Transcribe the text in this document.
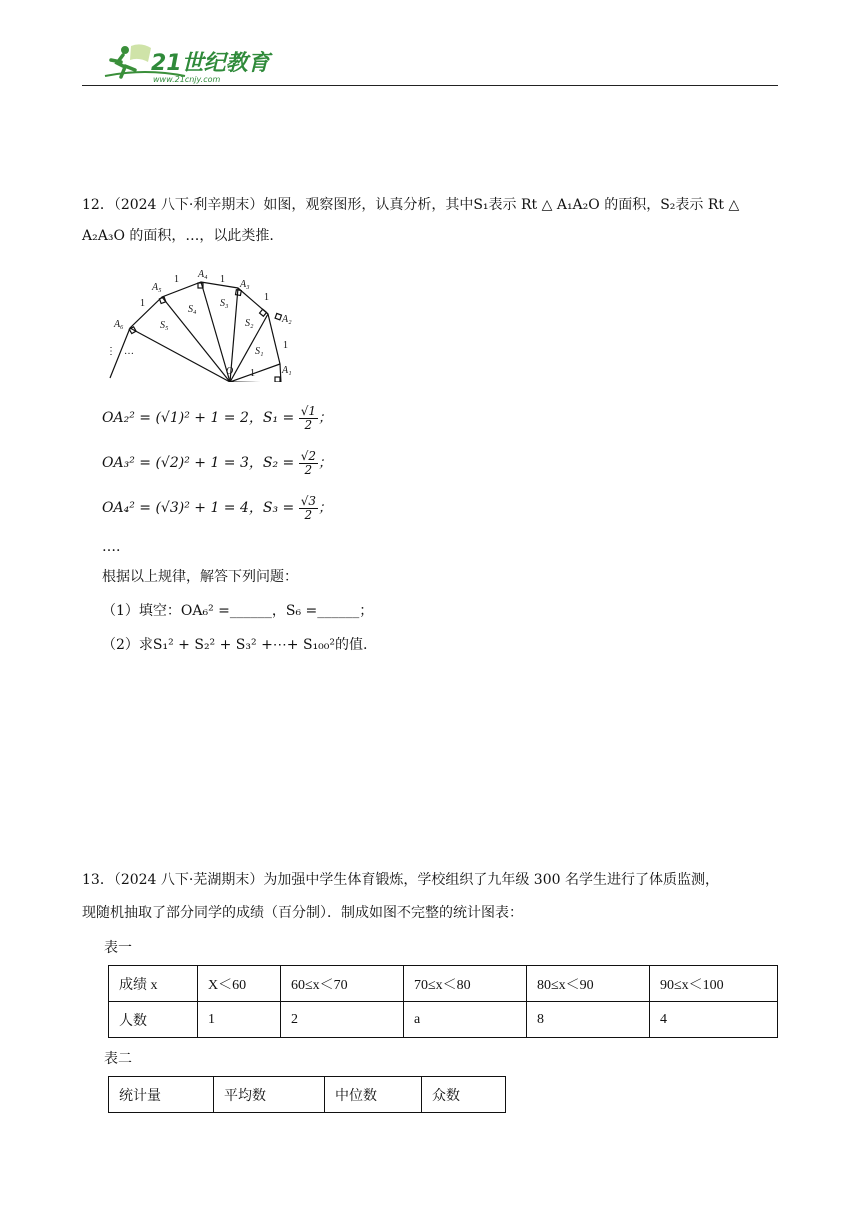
21世纪教育
www.21cnjy.com
12．（2024 八下·利辛期末）如图，观察图形，认真分析，其中S₁表示 Rt △ A₁A₂O 的面积，S₂表示 Rt △
A₂A₃O 的面积，…，以此类推.
A₁
A₂
A₃
A₄
A₅
A₆
O
S₁
S₂
S₃
S₄
S₅
1
1
1
1
1
1
…
⋮
OA₂² = (√1)² + 1 = 2，$S_1 = \frac{√1}{2}$ ；
OA₃² = (√2)² + 1 = 3，$S_2 = \frac{√2}{2}$ ；
OA₄² = (√3)² + 1 = 4，$S_3 = \frac{√3}{2}$ ；
….
根据以上规律，解答下列问题：
（1）填空：OA₆² =______，S₆ =______；
（2）求S₁² + S₂² + S₃² +⋯+ S₁₀₀²的值.
13．（2024 八下·芜湖期末）为加强中学生体育锻炼，学校组织了九年级 300 名学生进行了体质监测，
现随机抽取了部分同学的成绩（百分制）．制成如图不完整的统计图表：
表一
成绩 x	X＜60	60≤x＜70	70≤x＜80	80≤x＜90	90≤x＜100
人数	1	2	a	8	4
表二
统计量	平均数	中位数	众数
